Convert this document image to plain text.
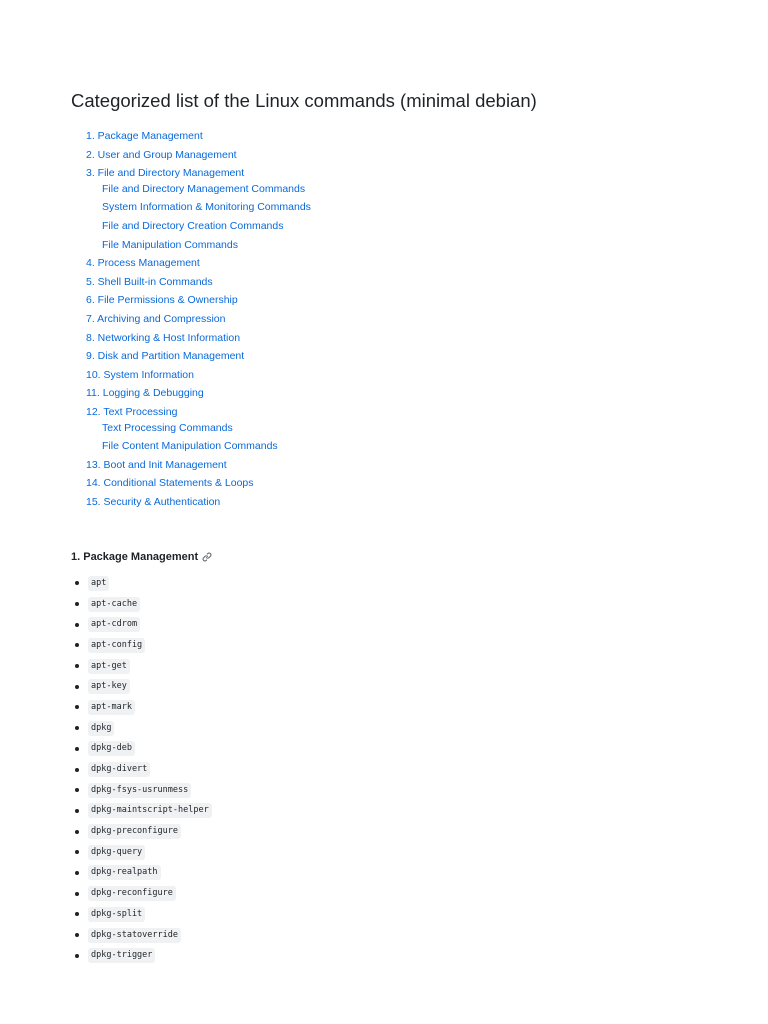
Categorized list of the Linux commands (minimal debian)
1. Package Management
2. User and Group Management
3. File and Directory Management
File and Directory Management Commands
System Information & Monitoring Commands
File and Directory Creation Commands
File Manipulation Commands
4. Process Management
5. Shell Built-in Commands
6. File Permissions & Ownership
7. Archiving and Compression
8. Networking & Host Information
9. Disk and Partition Management
10. System Information
11. Logging & Debugging
12. Text Processing
Text Processing Commands
File Content Manipulation Commands
13. Boot and Init Management
14. Conditional Statements & Loops
15. Security & Authentication
1. Package Management
apt
apt-cache
apt-cdrom
apt-config
apt-get
apt-key
apt-mark
dpkg
dpkg-deb
dpkg-divert
dpkg-fsys-usrunmess
dpkg-maintscript-helper
dpkg-preconfigure
dpkg-query
dpkg-realpath
dpkg-reconfigure
dpkg-split
dpkg-statoverride
dpkg-trigger
